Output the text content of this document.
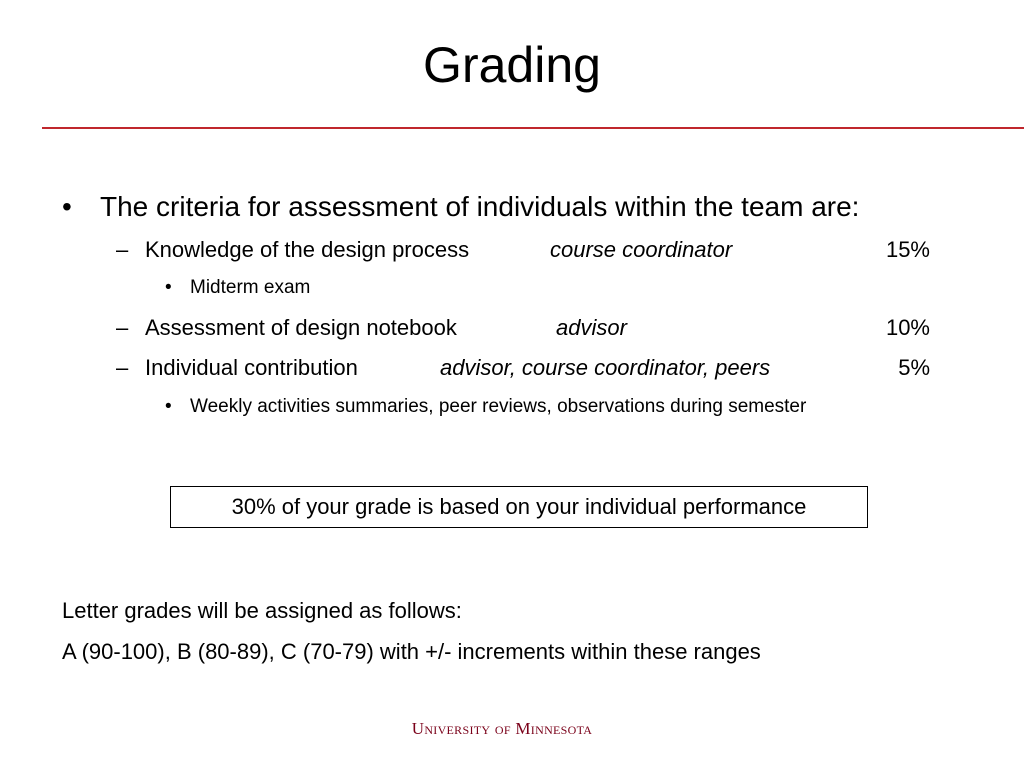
Grading
• The criteria for assessment of individuals within the team are:
– Knowledge of the design process	course coordinator	15%
• Midterm exam
– Assessment of design notebook	advisor	10%
– Individual contribution	advisor, course coordinator, peers	5%
• Weekly activities summaries, peer reviews, observations during semester
30% of your grade is based on your individual performance
Letter grades will be assigned as follows:
A (90-100), B (80-89), C (70-79) with +/- increments within these ranges
University of Minnesota
